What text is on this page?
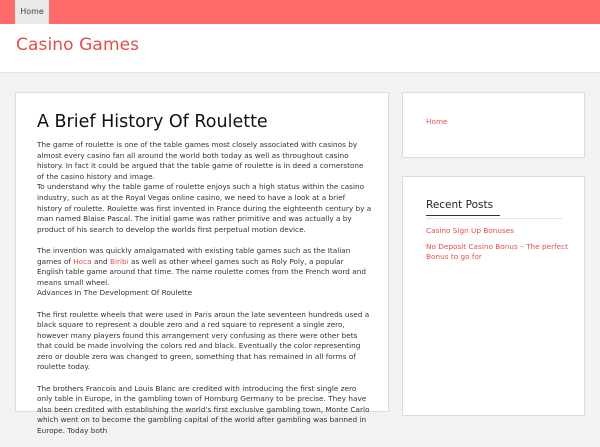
Home
Casino Games
A Brief History Of Roulette

The game of roulette is one of the table games most closely associated with casinos by almost every casino fan all around the world both today as well as throughout casino history. In fact it could be argued that the table game of roulette is in deed a cornerstone of the casino history and image.
To understand why the table game of roulette enjoys such a high status within the casino industry, such as at the Royal Vegas online casino, we need to have a look at a brief history of roulette. Roulette was first invented in France during the eighteenth century by a man named Blaise Pascal. The initial game was rather primitive and was actually a by product of his search to develop the worlds first perpetual motion device.

The invention was quickly amalgamated with existing table games such as the Italian games of Hoca and Biribi as well as other wheel games such as Roly Poly, a popular English table game around that time. The name roulette comes from the French word and means small wheel.
Advances In The Development Of Roulette

The first roulette wheels that were used in Paris aroun the late seventeen hundreds used a black square to represent a double zero and a red square to represent a single zero, however many players found this arrangement very confusing as there were other bets that could be made involving the colors red and black. Eventually the color representing zero or double zero was changed to green, something that has remained in all forms of roulette today.

The brothers Francois and Louis Blanc are credited with introducing the first single zero only table in Europe, in the gambling town of Homburg Germany to be precise. They have also been credited with establishing the world's first exclusive gambling town, Monte Carlo which went on to become the gambling capital of the world after gambling was banned in Europe. Today both

Home
Recent Posts
Casino Sign Up Bonuses
No Deposit Casino Bonus – The perfect Bonus to go for
